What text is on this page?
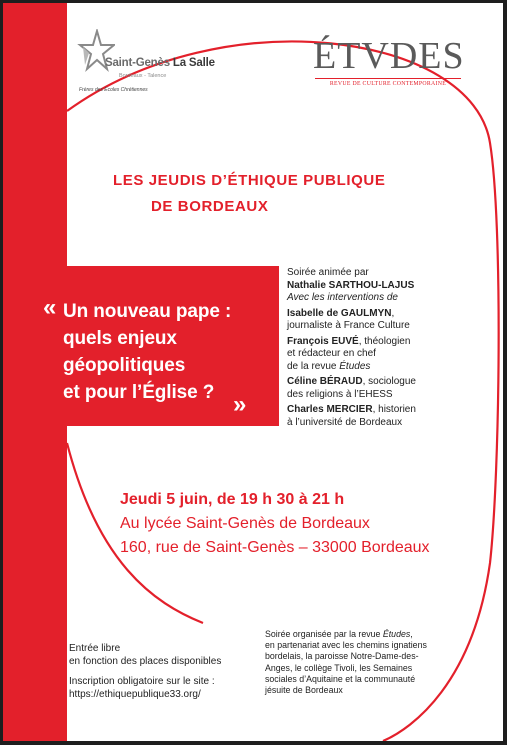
Saint-Genès La Salle
Bordeaux - Talence
Frères des Écoles Chrétiennes
ÉTVDES
REVUE DE CULTURE CONTEMPORAINE
LES JEUDIS D’ÉTHIQUE PUBLIQUE
DE BORDEAUX
« Un nouveau pape :
quels enjeux
géopolitiques
et pour l’Église ? »
Soirée animée par
Nathalie SARTHOU-LAJUS
Avec les interventions de
Isabelle de GAULMYN,
journaliste à France Culture
François EUVÉ, théologien
et rédacteur en chef
de la revue Études
Céline BÉRAUD, sociologue
des religions à l’EHESS
Charles MERCIER, historien
à l’université de Bordeaux
Jeudi 5 juin, de 19 h 30 à 21 h
Au lycée Saint-Genès de Bordeaux
160, rue de Saint-Genès – 33000 Bordeaux
Entrée libre
en fonction des places disponibles
Inscription obligatoire sur le site :
https://ethiquepublique33.org/
Soirée organisée par la revue Études,
en partenariat avec les chemins ignatiens
bordelais, la paroisse Notre-Dame-des-
Anges, le collège Tivoli, les Semaines
sociales d’Aquitaine et la communauté
jésuite de Bordeaux
